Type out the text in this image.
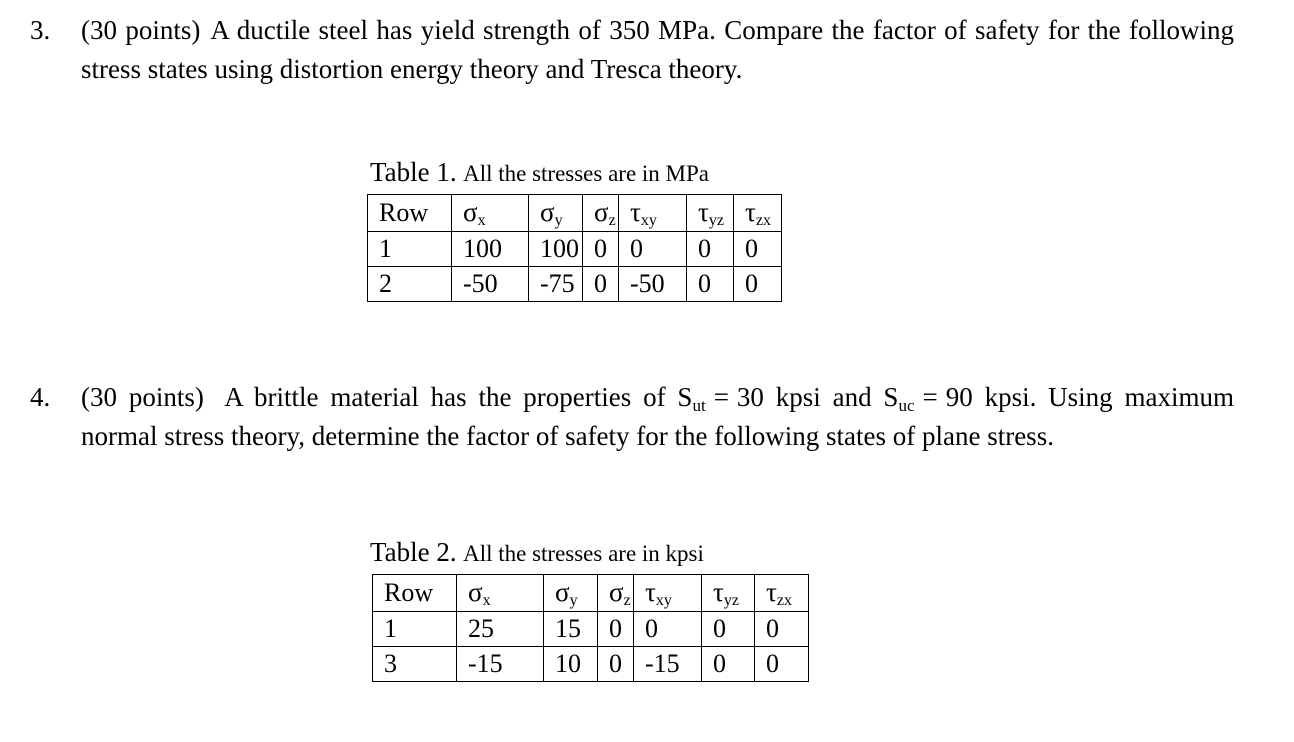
3.	(30 points) A ductile steel has yield strength of 350 MPa. Compare the factor of safety for the following stress states using distortion energy theory and Tresca theory.
Table 1. All the stresses are in MPa
Row	$\sigma_x$	$\sigma_y$	$\sigma_z$	$\tau_{xy}$	$\tau_{yz}$	$\tau_{zx}$
1	100	100	0	0	0	0
2	-50	-75	0	-50	0	0
4.	(30 points) A brittle material has the properties of $S_{ut} = 30$ kpsi and $S_{uc} = 90$ kpsi. Using maximum normal stress theory, determine the factor of safety for the following states of plane stress.
Table 2. All the stresses are in kpsi
Row	$\sigma_x$	$\sigma_y$	$\sigma_z$	$\tau_{xy}$	$\tau_{yz}$	$\tau_{zx}$
1	25	15	0	0	0	0
3	-15	10	0	-15	0	0
